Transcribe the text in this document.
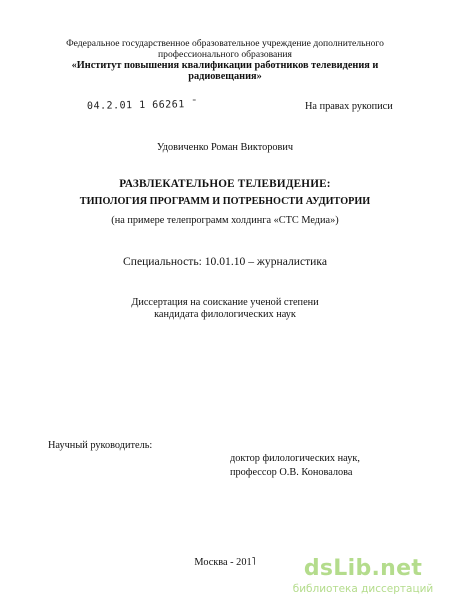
Федеральное государственное образовательное учреждение дополнительного
профессионального образования
«Институт повышения квалификации работников телевидения и
радиовещания»
04.2.01 1 66261 ˉ	На правах рукописи
Удовиченко Роман Викторович
РАЗВЛЕКАТЕЛЬНОЕ ТЕЛЕВИДЕНИЕ:
ТИПОЛОГИЯ ПРОГРАММ И ПОТРЕБНОСТИ АУДИТОРИИ
(на примере телепрограмм холдинга «СТС Медиа»)
Специальность: 10.01.10 – журналистика
Диссертация на соискание ученой степени
кандидата филологических наук
Научный руководитель:
доктор филологических наук,
профессор О.В. Коновалова
Москва - 201˥	dsLib.net
библиотека диссертаций
